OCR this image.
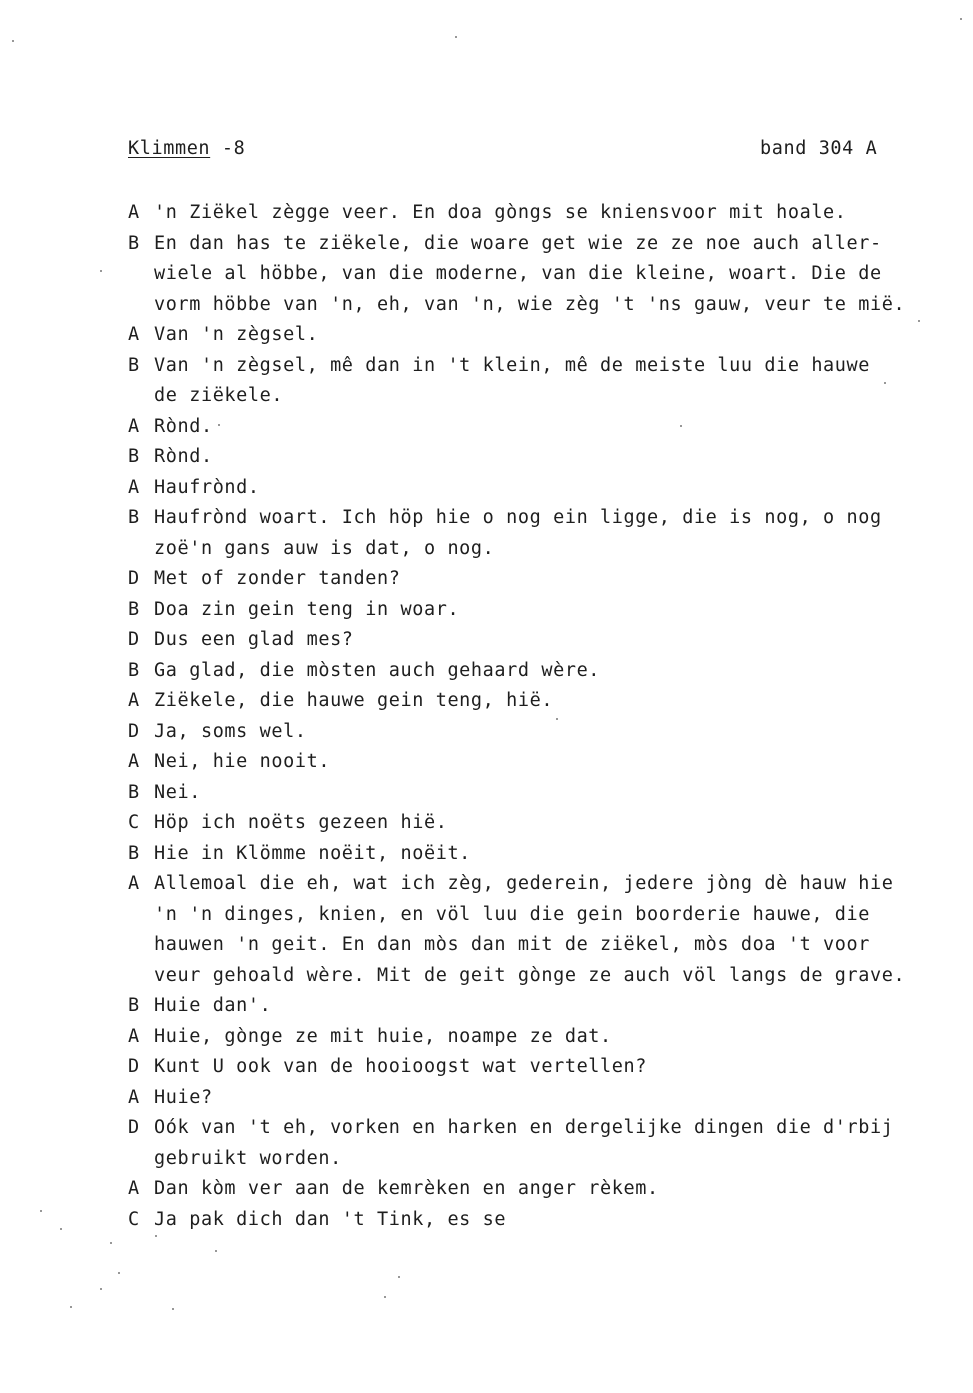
Klimmen -8	band 304 A
A 'n Ziëkel zègge veer. En doa gòngs se kniensvoor mit hoale.
B En dan has te ziëkele, die woare get wie ze ze noe auch aller-
wiele al höbbe, van die moderne, van die kleine, woart. Die de
vorm höbbe van 'n, eh, van 'n, wie zèg 't 'ns gauw, veur te mië.
A Van 'n zègsel.
B Van 'n zègsel, mê dan in 't klein, mê de meiste luu die hauwe
de ziëkele.
A Rònd.
B Rònd.
A Haufrònd.
B Haufrònd woart. Ich höp hie o nog ein ligge, die is nog, o nog
zoë'n gans auw is dat, o nog.
D Met of zonder tanden?
B Doa zin gein teng in woar.
D Dus een glad mes?
B Ga glad, die mòsten auch gehaard wère.
A Ziëkele, die hauwe gein teng, hië.
D Ja, soms wel.
A Nei, hie nooit.
B Nei.
C Höp ich noëts gezeen hië.
B Hie in Klömme noëit, noëit.
A Allemoal die eh, wat ich zèg, gederein, jedere jòng dè hauw hie
'n 'n dinges, knien, en völ luu die gein boorderie hauwe, die
hauwen 'n geit. En dan mòs dan mit de ziëkel, mòs doa 't voor
veur gehoald wère. Mit de geit gònge ze auch völ langs de grave.
B Huie dan'.
A Huie, gònge ze mit huie, noampe ze dat.
D Kunt U ook van de hooioogst wat vertellen?
A Huie?
D Oók van 't eh, vorken en harken en dergelijke dingen die d'rbij
gebruikt worden.
A Dan kòm ver aan de kemrèken en anger rèkem.
C Ja pak dich dan 't Tink, es se
